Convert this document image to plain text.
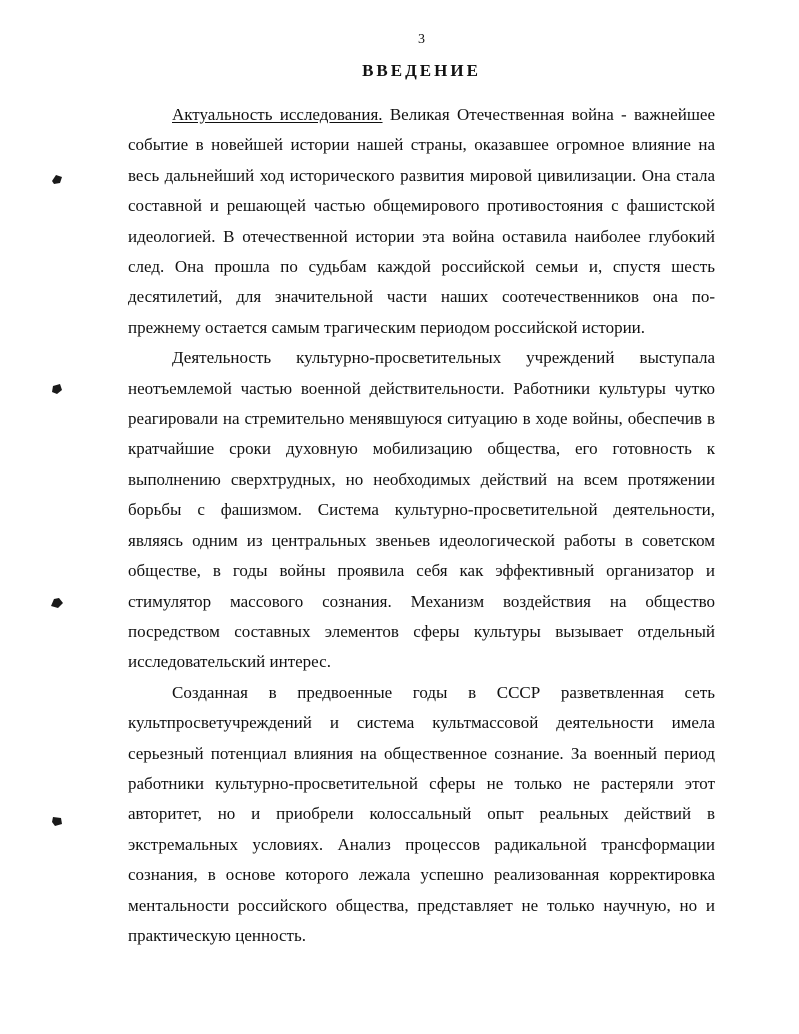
3
ВВЕДЕНИЕ

Актуальность исследования. Великая Отечественная война - важнейшее событие в новейшей истории нашей страны, оказавшее огромное влияние на весь дальнейший ход исторического развития мировой цивилизации. Она стала составной и решающей частью общемирового противостояния с фашистской идеологией. В отечественной истории эта война оставила наиболее глубокий след. Она прошла по судьбам каждой российской семьи и, спустя шесть десятилетий, для значительной части наших соотечественников она по-прежнему остается самым трагическим периодом российской истории.

Деятельность культурно-просветительных учреждений выступала неотъемлемой частью военной действительности. Работники культуры чутко реагировали на стремительно менявшуюся ситуацию в ходе войны, обеспечив в кратчайшие сроки духовную мобилизацию общества, его готовность к выполнению сверхтрудных, но необходимых действий на всем протяжении борьбы с фашизмом. Система культурно-просветительной деятельности, являясь одним из центральных звеньев идеологической работы в советском обществе, в годы войны проявила себя как эффективный организатор и стимулятор массового сознания. Механизм воздействия на общество посредством составных элементов сферы культуры вызывает отдельный исследовательский интерес.

Созданная в предвоенные годы в СССР разветвленная сеть культпросветучреждений и система культмассовой деятельности имела серьезный потенциал влияния на общественное сознание. За военный период работники культурно-просветительной сферы не только не растеряли этот авторитет, но и приобрели колоссальный опыт реальных действий в экстремальных условиях. Анализ процессов радикальной трансформации сознания, в основе которого лежала успешно реализованная корректировка ментальности российского общества, представляет не только научную, но и практическую ценность.
